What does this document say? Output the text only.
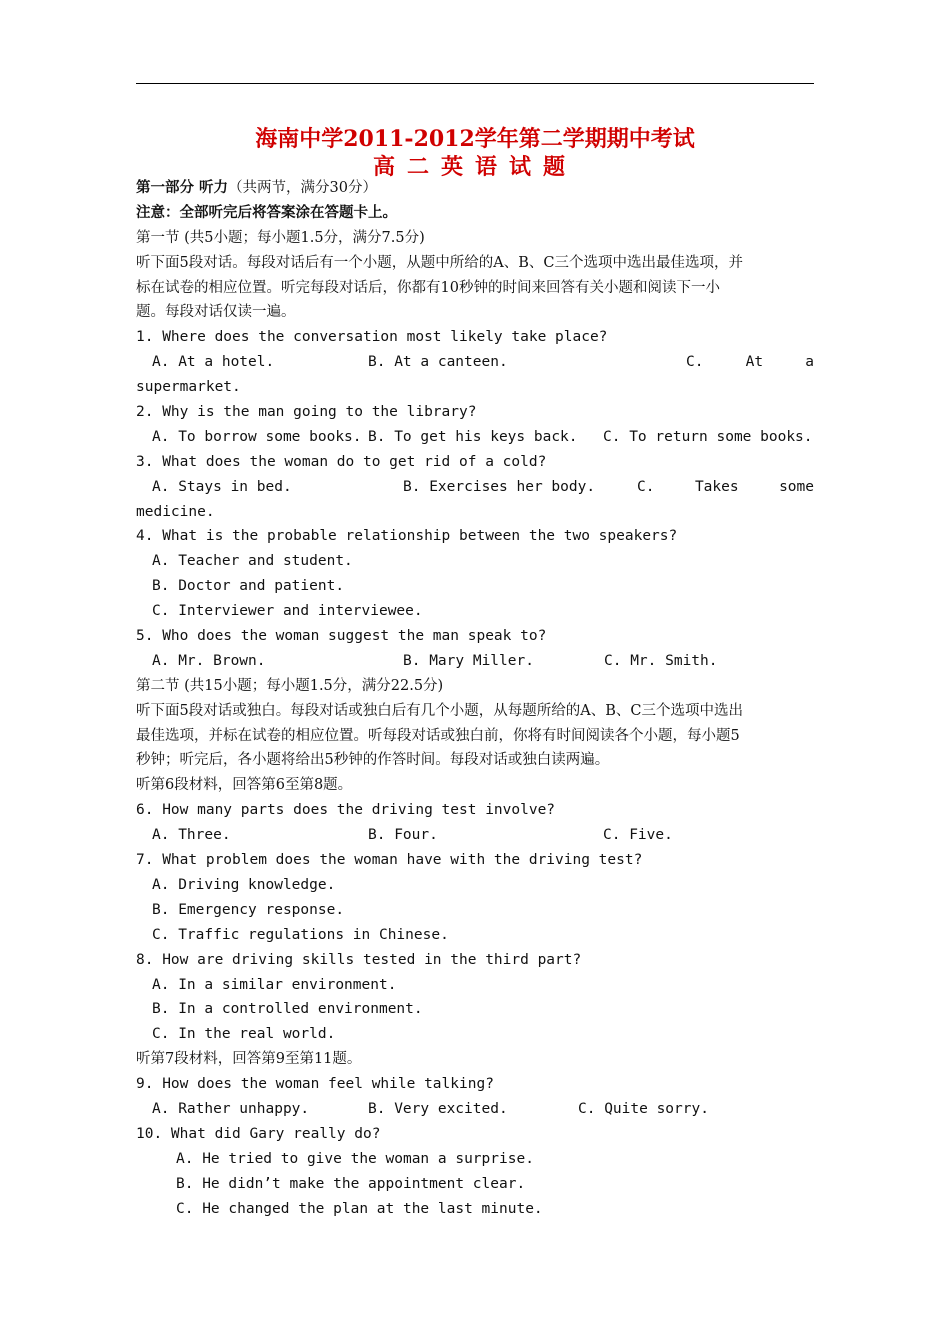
海南中学2011-2012学年第二学期期中考试
高二英语试题
第一部分 听力（共两节，满分30分）
注意：全部听完后将答案涂在答题卡上。
第一节 (共5小题；每小题1.5分，满分7.5分)
听下面5段对话。每段对话后有一个小题，从题中所给的A、B、C三个选项中选出最佳选项，并
标在试卷的相应位置。听完每段对话后，你都有10秒钟的时间来回答有关小题和阅读下一小
题。每段对话仅读一遍。
1. Where does the conversation most likely take place?
A. At a hotel.	B. At a canteen.	C.	At	a
supermarket.
2. Why is the man going to the library?
A. To borrow some books. B. To get his keys back.	C. To return some books.
3. What does the woman do to get rid of a cold?
A. Stays in bed.	B. Exercises her body.	C.	Takes	some
medicine.
4. What is the probable relationship between the two speakers?
A. Teacher and student.
B. Doctor and patient.
C. Interviewer and interviewee.
5. Who does the woman suggest the man speak to?
A. Mr. Brown.	B. Mary Miller.	C. Mr. Smith.
第二节 (共15小题；每小题1.5分，满分22.5分)
听下面5段对话或独白。每段对话或独白后有几个小题，从每题所给的A、B、C三个选项中选出
最佳选项，并标在试卷的相应位置。听每段对话或独白前，你将有时间阅读各个小题，每小题5
秒钟；听完后，各小题将给出5秒钟的作答时间。每段对话或独白读两遍。
听第6段材料，回答第6至第8题。
6. How many parts does the driving test involve?
A. Three.	B. Four.	C. Five.
7. What problem does the woman have with the driving test?
A. Driving knowledge.
B. Emergency response.
C. Traffic regulations in Chinese.
8. How are driving skills tested in the third part?
A. In a similar environment.
B. In a controlled environment.
C. In the real world.
听第7段材料，回答第9至第11题。
9. How does the woman feel while talking?
A. Rather unhappy.	B. Very excited.	C. Quite sorry.
10. What did Gary really do?
A. He tried to give the woman a surprise.
B. He didn’t make the appointment clear.
C. He changed the plan at the last minute.
